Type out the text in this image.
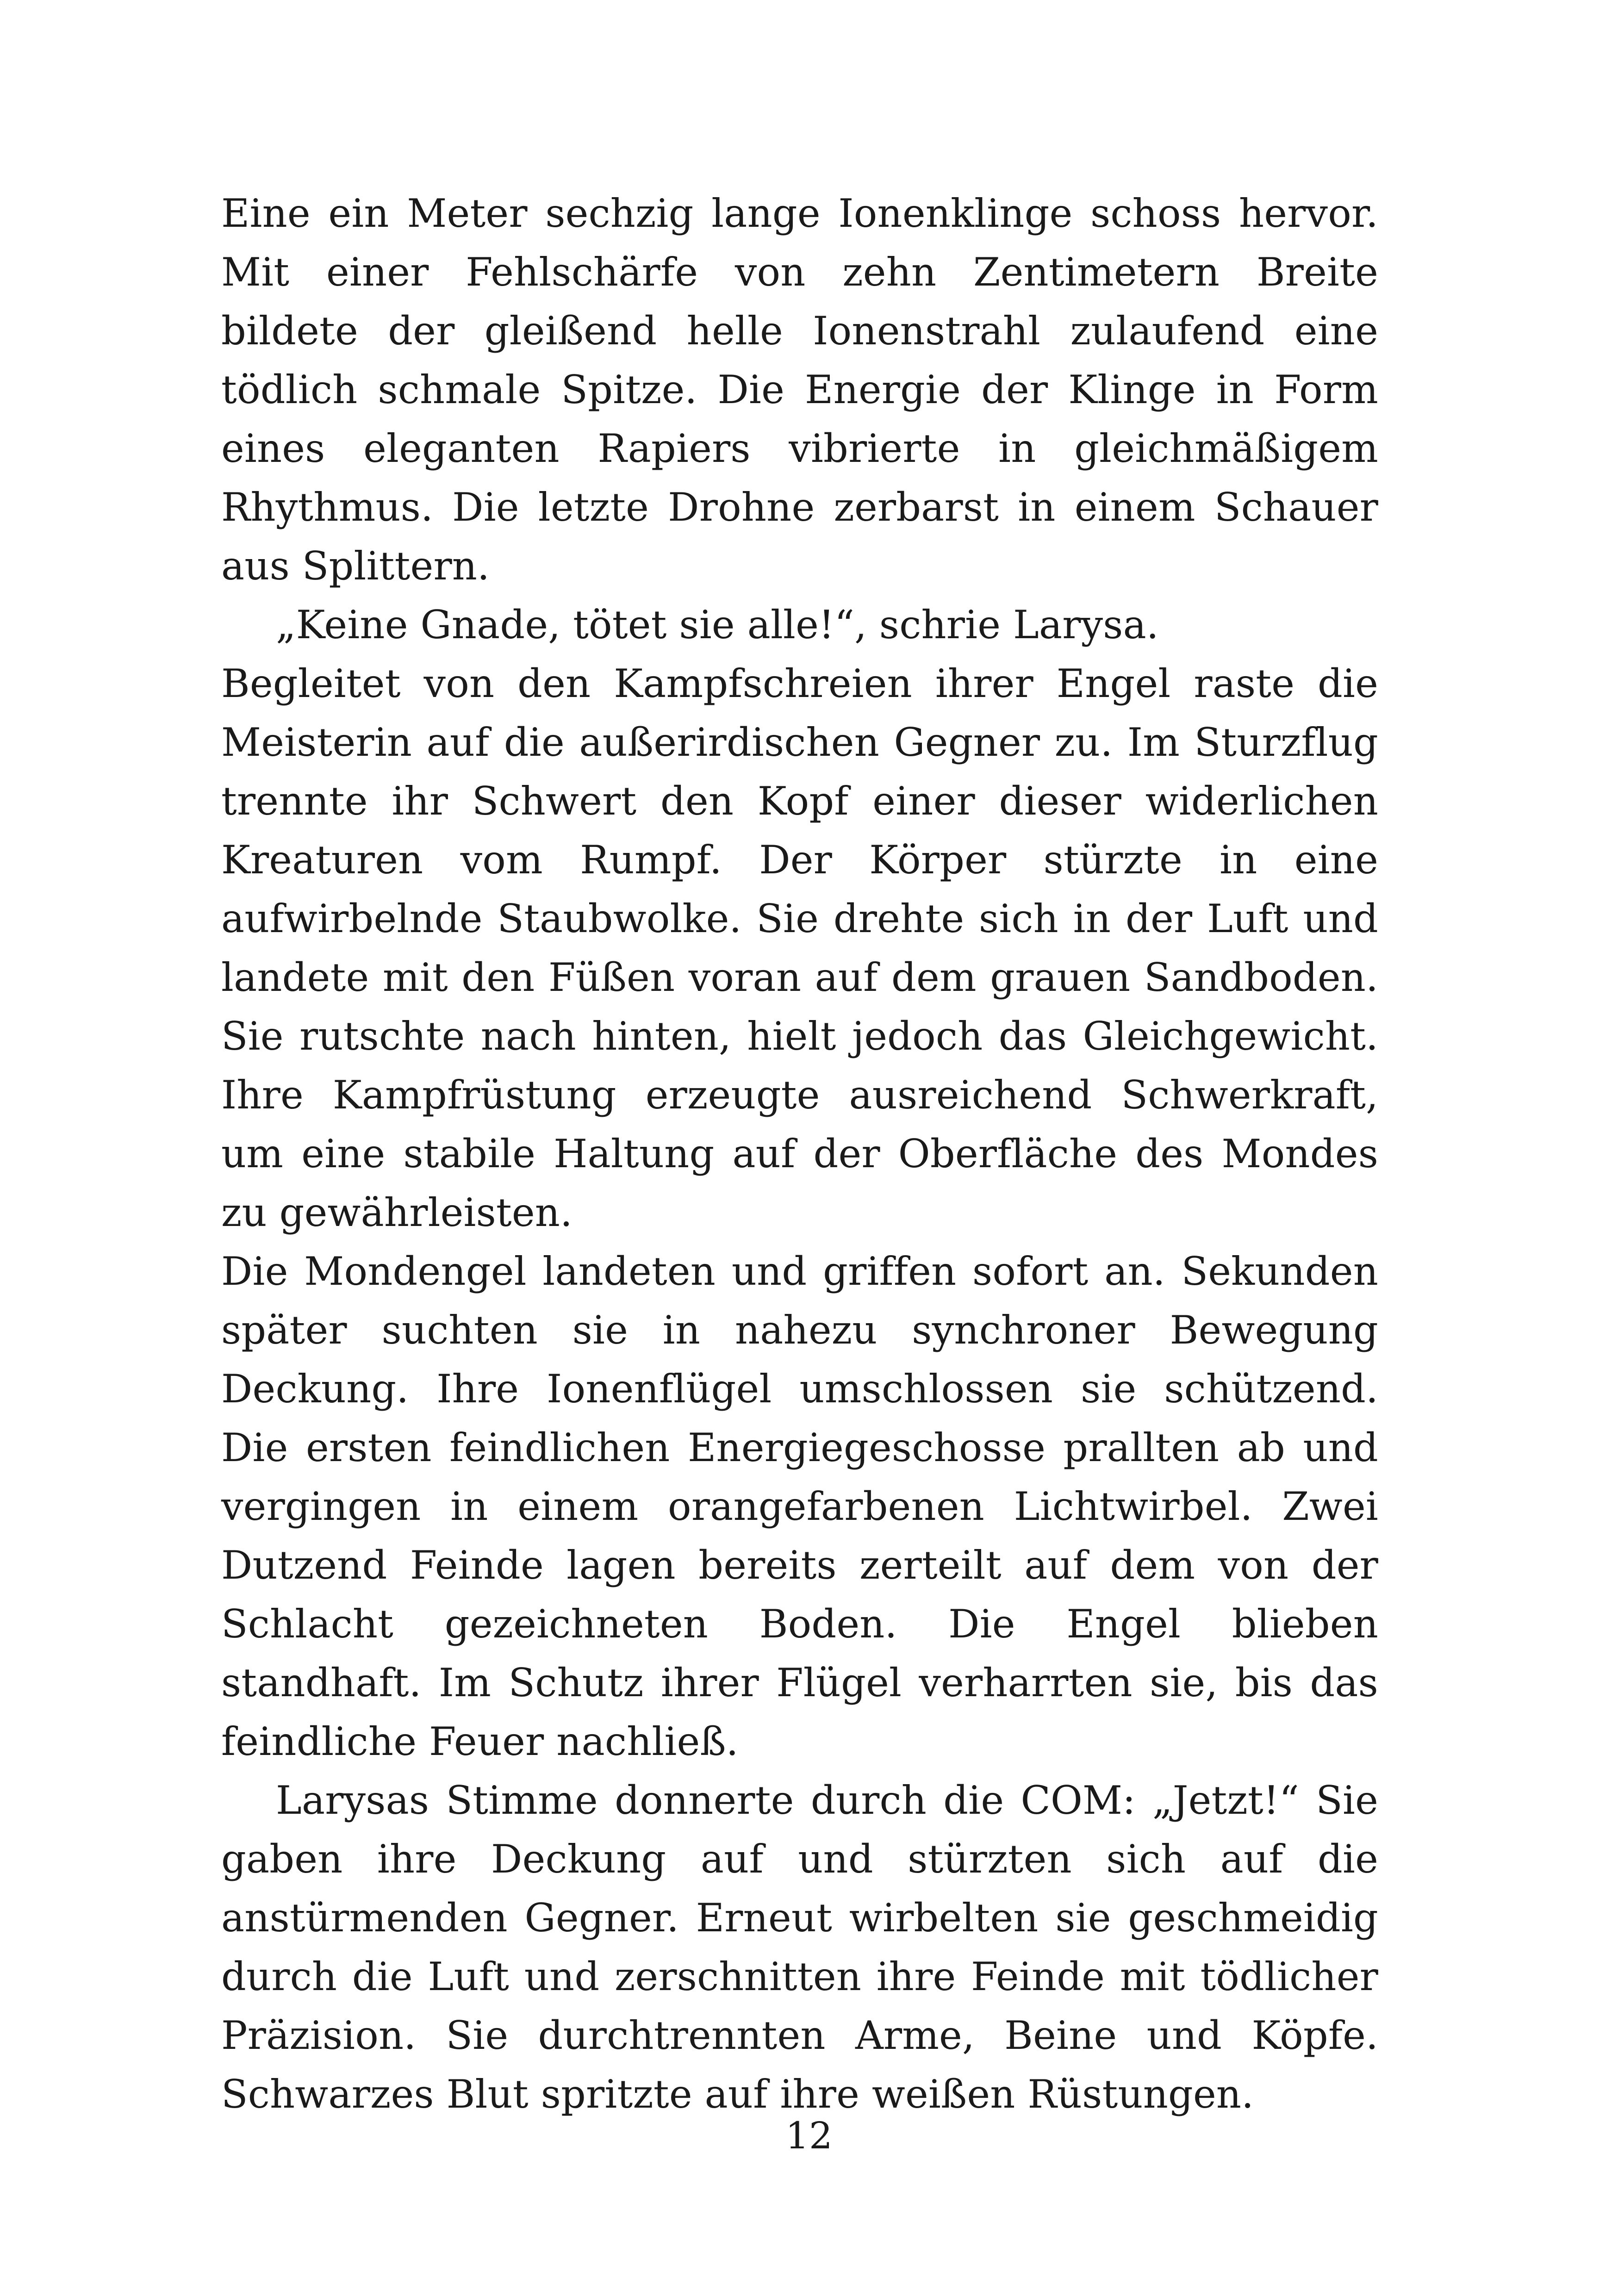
Eine ein Meter sechzig lange Ionenklinge schoss hervor. Mit einer Fehlschärfe von zehn Zentimetern Breite bildete der gleißend helle Ionenstrahl zulaufend eine tödlich schmale Spitze. Die Energie der Klinge in Form eines eleganten Rapiers vibrierte in gleichmäßigem Rhythmus. Die letzte Drohne zerbarst in einem Schauer aus Splittern.

„Keine Gnade, tötet sie alle!“, schrie Larysa.

Begleitet von den Kampfschreien ihrer Engel raste die Meisterin auf die außerirdischen Gegner zu. Im Sturzflug trennte ihr Schwert den Kopf einer dieser widerlichen Kreaturen vom Rumpf. Der Körper stürzte in eine aufwirbelnde Staubwolke. Sie drehte sich in der Luft und landete mit den Füßen voran auf dem grauen Sandboden. Sie rutschte nach hinten, hielt jedoch das Gleichgewicht. Ihre Kampfrüstung erzeugte ausreichend Schwerkraft, um eine stabile Haltung auf der Oberfläche des Mondes zu gewährleisten.

Die Mondengel landeten und griffen sofort an. Sekunden später suchten sie in nahezu synchroner Bewegung Deckung. Ihre Ionenflügel umschlossen sie schützend. Die ersten feindlichen Energiegeschosse prallten ab und vergingen in einem orangefarbenen Lichtwirbel. Zwei Dutzend Feinde lagen bereits zerteilt auf dem von der Schlacht gezeichneten Boden. Die Engel blieben standhaft. Im Schutz ihrer Flügel verharrten sie, bis das feindliche Feuer nachließ.

Larysas Stimme donnerte durch die COM: „Jetzt!“ Sie gaben ihre Deckung auf und stürzten sich auf die anstürmenden Gegner. Erneut wirbelten sie geschmeidig durch die Luft und zerschnitten ihre Feinde mit tödlicher Präzision. Sie durchtrennten Arme, Beine und Köpfe. Schwarzes Blut spritzte auf ihre weißen Rüstungen.

12
